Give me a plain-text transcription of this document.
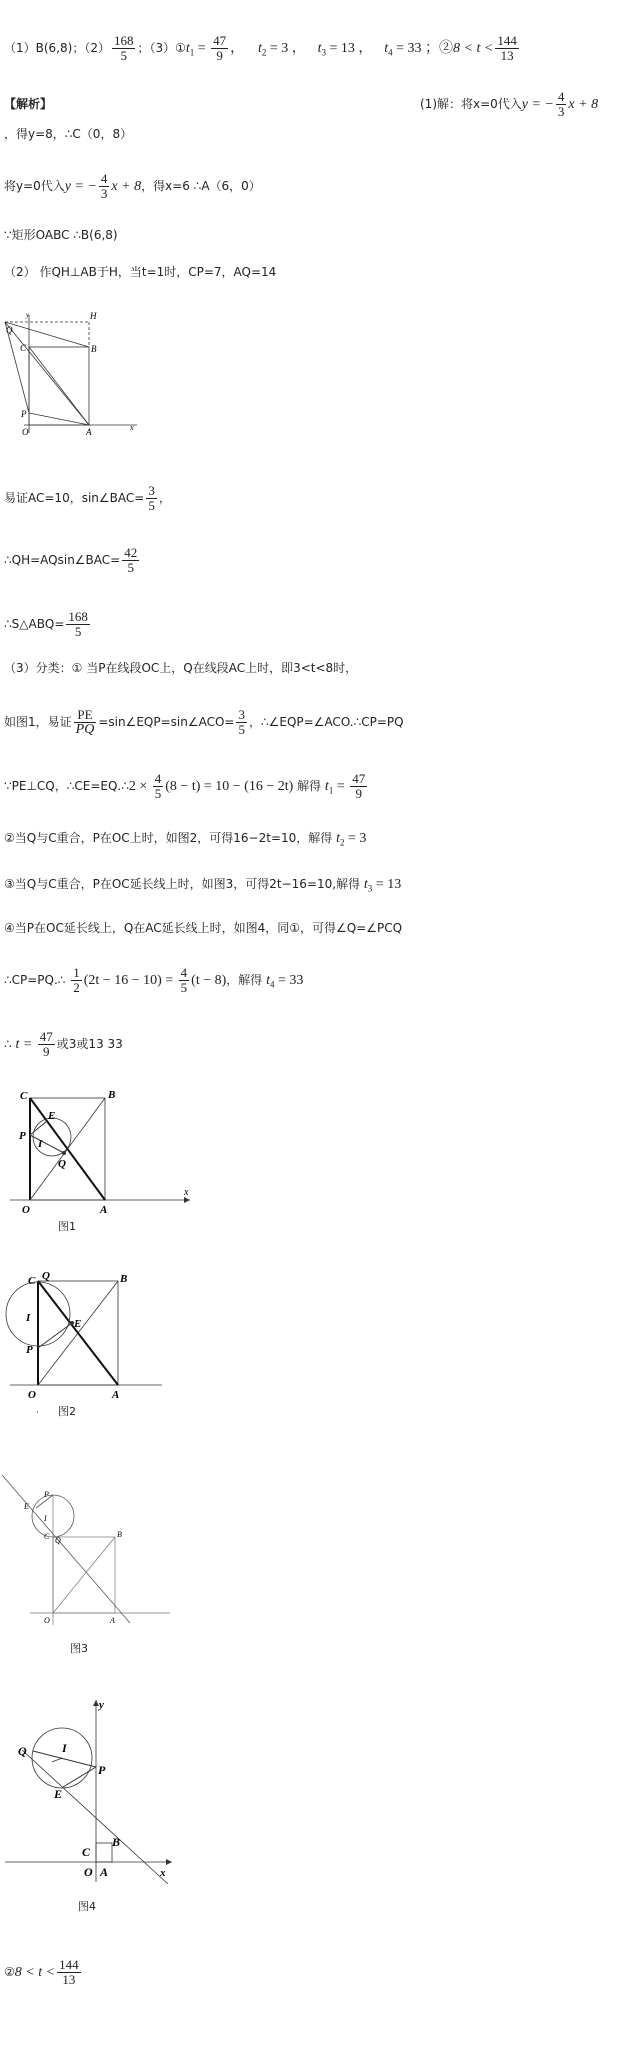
（1）B(6,8)；$(2) \frac{168}{5}$ ；$(3)①t_1 = \frac{47}{9}$ ， $t_2 = 3$ ， $t_3 = 13$ ， $t_4 = 33$ ；②8 < $t < \frac{144}{13}$
【解析】	(1)解：将x=0代入y = − $\frac{4}{3}$ x + 8
，得y=8，∴C（0，8）
将y=0代入y = − $\frac{4}{3}$ x + 8，得x=6 ∴A（6，0）
∵矩形OABC ∴B(6,8)
（2） 作QH⊥AB于H，当t=1时，CP=7，AQ=14
Q
H
C	B
P
O	A	x
y
易证AC=10，sin∠BAC= $\frac{3}{5}$ ，
∴QH=AQsin∠BAC= $\frac{42}{5}$
∴S△ABQ= $\frac{168}{5}$
（3）分类：① 当P在线段OC上，Q在线段AC上时，即3<t<8时，
如图1，易证 $\frac{PE}{PQ}$ =sin∠EQP=sin∠ACO= $\frac{3}{5}$ ，∴∠EQP=∠ACO.∴CP=PQ
∵PE⊥CQ，∴CE=EQ.∴2 × $\frac{4}{5} (8 - t) = 10 - (16 - 2t)$ 解得 $t_1 = \frac{47}{9}$
②当Q与C重合，P在OC上时，如图2，可得16−2t=10，解得 $t_2 = 3$
③当Q与C重合，P在OC延长线上时，如图3，可得2t−16=10,解得 $t_3 = 13$
④当P在OC延长线上，Q在AC延长线上时，如图4，同①，可得∠Q=∠PCQ
∴CP=PQ.∴ $\frac{1}{2} (2t - 16 - 10) = \frac{4}{5} (t - 8)$，解得 $t_4 = 33$
∴ $t = \frac{47}{9}$ 或3或13 33
C	B
E
P
I
Q
O	A
x
图1
C Q	B
I	E
P
O	A
· 图2
P
E
I
C Q
B
O	A
图3
y
Q	I
P
E
C
B
O A	x
图4
②8 < $t < \frac{144}{13}$
